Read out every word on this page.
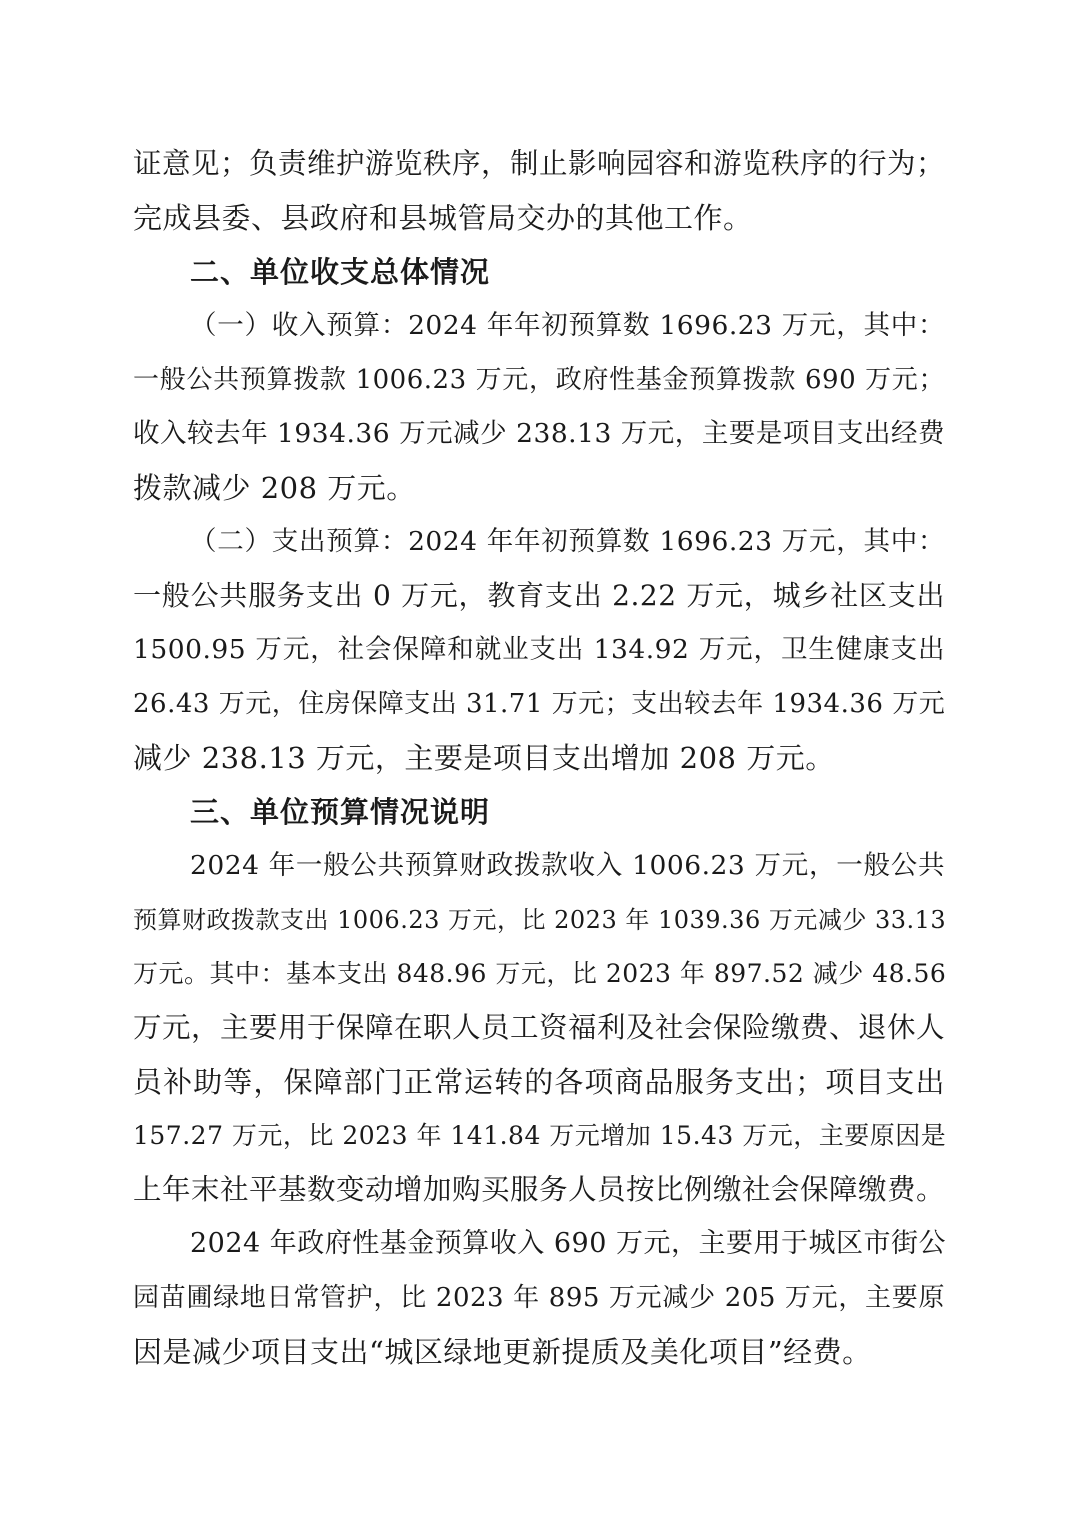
证意见；负责维护游览秩序，制止影响园容和游览秩序的行为；
完成县委、县政府和县城管局交办的其他工作。
二、单位收支总体情况
（一）收入预算：2024 年年初预算数 1696.23 万元，其中：
一般公共预算拨款 1006.23 万元，政府性基金预算拨款 690 万元；
收入较去年 1934.36 万元减少 238.13 万元，主要是项目支出经费
拨款减少 208 万元。
（二）支出预算：2024 年年初预算数 1696.23 万元，其中：
一般公共服务支出 0 万元，教育支出 2.22 万元，城乡社区支出
1500.95 万元，社会保障和就业支出 134.92 万元，卫生健康支出
26.43 万元，住房保障支出 31.71 万元；支出较去年 1934.36 万元
减少 238.13 万元，主要是项目支出增加 208 万元。
三、单位预算情况说明
2024 年一般公共预算财政拨款收入 1006.23 万元，一般公共
预算财政拨款支出 1006.23 万元，比 2023 年 1039.36 万元减少 33.13
万元。其中：基本支出 848.96 万元，比 2023 年 897.52 减少 48.56
万元，主要用于保障在职人员工资福利及社会保险缴费、退休人
员补助等，保障部门正常运转的各项商品服务支出；项目支出
157.27 万元，比 2023 年 141.84 万元增加 15.43 万元，主要原因是
上年末社平基数变动增加购买服务人员按比例缴社会保障缴费。
2024 年政府性基金预算收入 690 万元，主要用于城区市街公
园苗圃绿地日常管护，比 2023 年 895 万元减少 205 万元，主要原
因是减少项目支出“城区绿地更新提质及美化项目”经费。
